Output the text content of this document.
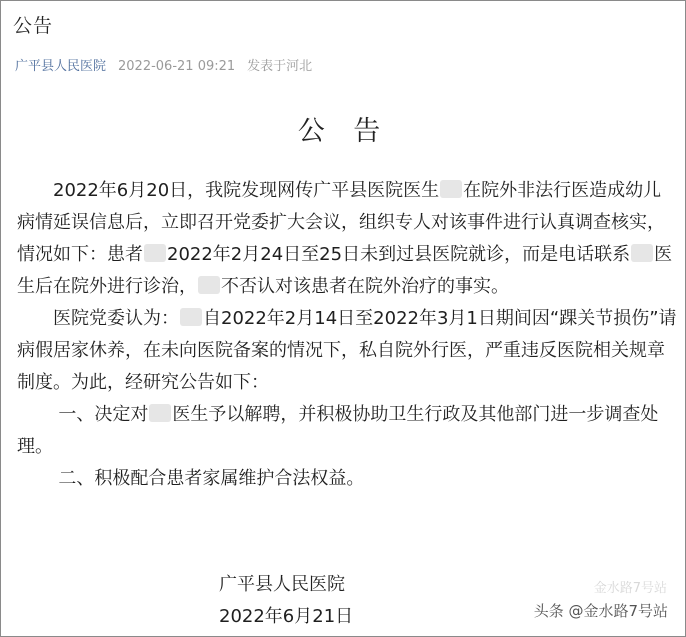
公告
广平县人民医院 2022-06-21 09:21 发表于河北
公 告

2022年6月20日，我院发现网传广平县医院医生 在院外非法行医造成幼儿病情延误信息后，立即召开党委扩大会议，组织专人对该事件进行认真调查核实，情况如下：患者 2022年2月24日至25日未到过县医院就诊，而是电话联系 医生后在院外进行诊治， 不否认对该患者在院外治疗的事实。

医院党委认为： 自2022年2月14日至2022年3月1日期间因“踝关节损伤”请病假居家休养，在未向医院备案的情况下，私自院外行医，严重违反医院相关规章制度。为此，经研究公告如下：

一、决定对 医生予以解聘，并积极协助卫生行政及其他部门进一步调查处理。

二、积极配合患者家属维护合法权益。

广平县人民医院
2022年6月21日
金水路7号站
头条 @金水路7号站
